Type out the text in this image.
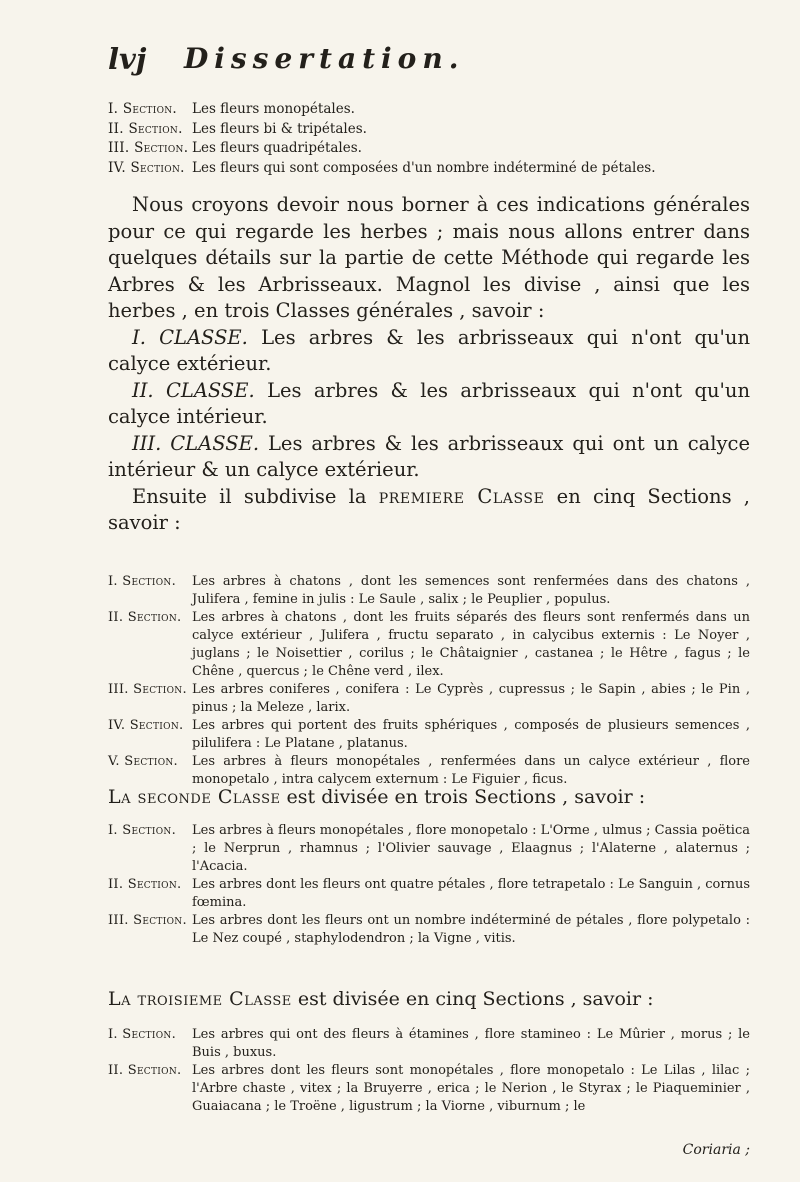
lvj Dissertation.
I. Section.	Les fleurs monopétales.
II. Section. Les fleurs bi & tripétales.
III. Section. Les fleurs quadripétales.
IV. Section. Les fleurs qui sont composées d'un nombre indéterminé de pétales.
Nous croyons devoir nous borner à ces indications générales pour ce qui regarde les herbes ; mais nous allons entrer dans quelques détails sur la partie de cette Méthode qui regarde les Arbres & les Arbrisseaux. Magnol les divise , ainsi que les herbes , en trois Classes générales , savoir :
I. CLASSE. Les arbres & les arbrisseaux qui n'ont qu'un calyce extérieur.
II. CLASSE. Les arbres & les arbrisseaux qui n'ont qu'un calyce intérieur.
III. CLASSE. Les arbres & les arbrisseaux qui ont un calyce intérieur & un calyce extérieur.
Ensuite il subdivise la premiere Classe en cinq Sections , savoir :
I. Section.	Les arbres à chatons , dont les semences sont renfermées dans des chatons , Julifera , femine in julis : Le Saule , salix ; le Peuplier , populus.
II. Section. Les arbres à chatons , dont les fruits séparés des fleurs sont renfermés dans un calyce extérieur , Julifera , fructu separato , in calycibus externis : Le Noyer , juglans ; le Noisettier , corilus ; le Châtaignier , castanea ; le Hêtre , fagus ; le Chêne , quercus ; le Chêne verd , ilex.
III. Section. Les arbres coniferes , conifera : Le Cyprès , cupressus ; le Sapin , abies ; le Pin , pinus ; la Meleze , larix.
IV. Section. Les arbres qui portent des fruits sphériques , composés de plusieurs semences , pilulifera : Le Platane , platanus.
V. Section.	Les arbres à fleurs monopétales , renfermées dans un calyce extérieur , flore monopetalo , intra calycem externum : Le Figuier , ficus.
La seconde Classe est divisée en trois Sections , savoir :
I. Section.	Les arbres à fleurs monopétales , flore monopetalo : L'Orme , ulmus ; Cassia poëtica ; le Nerprun , rhamnus ; l'Olivier sauvage , Elaagnus ; l'Alaterne , alaternus ; l'Acacia.
II. Section. Les arbres dont les fleurs ont quatre pétales , flore tetrapetalo : Le Sanguin , cornus fœmina.
III. Section. Les arbres dont les fleurs ont un nombre indéterminé de pétales , flore polypetalo : Le Nez coupé , staphylodendron ; la Vigne , vitis.
La troisieme Classe est divisée en cinq Sections , savoir :
I. Section.	Les arbres qui ont des fleurs à étamines , flore stamineo : Le Mûrier , morus ; le Buis , buxus.
II. Section. Les arbres dont les fleurs sont monopétales , flore monopetalo : Le Lilas , lilac ; l'Arbre chaste , vitex ; la Bruyerre , erica ; le Nerion , le Styrax ; le Piaqueminier , Guaiacana ; le Troëne , ligustrum ; la Viorne , viburnum ; le
Coriaria ;
